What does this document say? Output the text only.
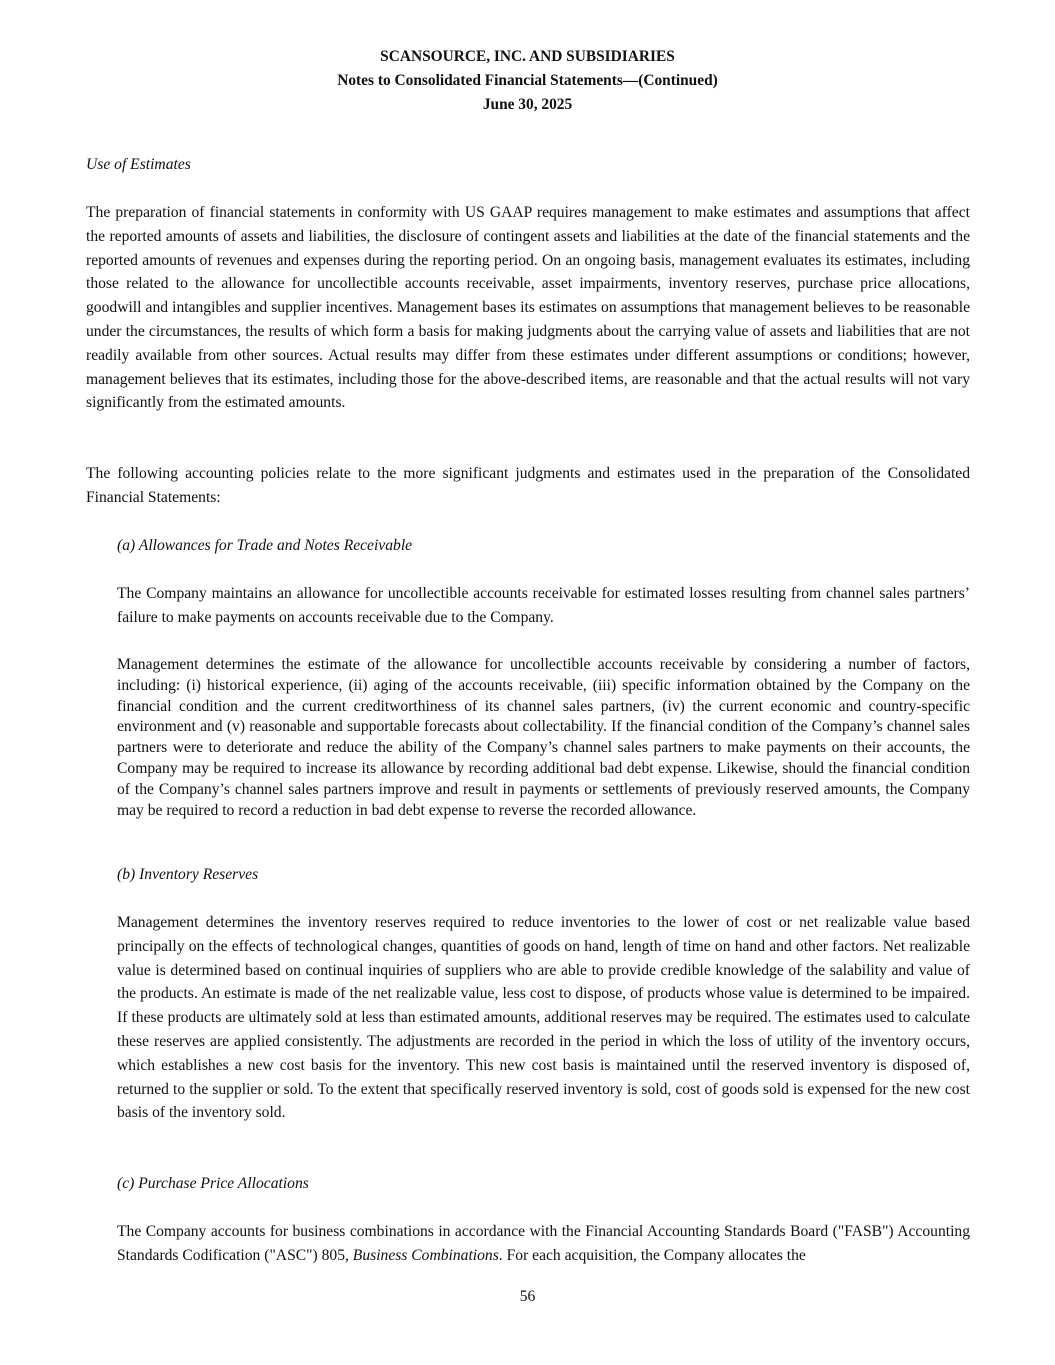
SCANSOURCE, INC. AND SUBSIDIARIES
Notes to Consolidated Financial Statements—(Continued)
June 30, 2025
Use of Estimates
The preparation of financial statements in conformity with US GAAP requires management to make estimates and assumptions that affect the reported amounts of assets and liabilities, the disclosure of contingent assets and liabilities at the date of the financial statements and the reported amounts of revenues and expenses during the reporting period. On an ongoing basis, management evaluates its estimates, including those related to the allowance for uncollectible accounts receivable, asset impairments, inventory reserves, purchase price allocations, goodwill and intangibles and supplier incentives. Management bases its estimates on assumptions that management believes to be reasonable under the circumstances, the results of which form a basis for making judgments about the carrying value of assets and liabilities that are not readily available from other sources. Actual results may differ from these estimates under different assumptions or conditions; however, management believes that its estimates, including those for the above-described items, are reasonable and that the actual results will not vary significantly from the estimated amounts.
The following accounting policies relate to the more significant judgments and estimates used in the preparation of the Consolidated Financial Statements:
(a) Allowances for Trade and Notes Receivable
The Company maintains an allowance for uncollectible accounts receivable for estimated losses resulting from channel sales partners’ failure to make payments on accounts receivable due to the Company.
Management determines the estimate of the allowance for uncollectible accounts receivable by considering a number of factors, including: (i) historical experience, (ii) aging of the accounts receivable, (iii) specific information obtained by the Company on the financial condition and the current creditworthiness of its channel sales partners, (iv) the current economic and country-specific environment and (v) reasonable and supportable forecasts about collectability. If the financial condition of the Company’s channel sales partners were to deteriorate and reduce the ability of the Company’s channel sales partners to make payments on their accounts, the Company may be required to increase its allowance by recording additional bad debt expense. Likewise, should the financial condition of the Company’s channel sales partners improve and result in payments or settlements of previously reserved amounts, the Company may be required to record a reduction in bad debt expense to reverse the recorded allowance.
(b) Inventory Reserves
Management determines the inventory reserves required to reduce inventories to the lower of cost or net realizable value based principally on the effects of technological changes, quantities of goods on hand, length of time on hand and other factors. Net realizable value is determined based on continual inquiries of suppliers who are able to provide credible knowledge of the salability and value of the products. An estimate is made of the net realizable value, less cost to dispose, of products whose value is determined to be impaired. If these products are ultimately sold at less than estimated amounts, additional reserves may be required. The estimates used to calculate these reserves are applied consistently. The adjustments are recorded in the period in which the loss of utility of the inventory occurs, which establishes a new cost basis for the inventory. This new cost basis is maintained until the reserved inventory is disposed of, returned to the supplier or sold. To the extent that specifically reserved inventory is sold, cost of goods sold is expensed for the new cost basis of the inventory sold.
(c) Purchase Price Allocations
The Company accounts for business combinations in accordance with the Financial Accounting Standards Board ("FASB") Accounting Standards Codification ("ASC") 805, Business Combinations. For each acquisition, the Company allocates the
56
